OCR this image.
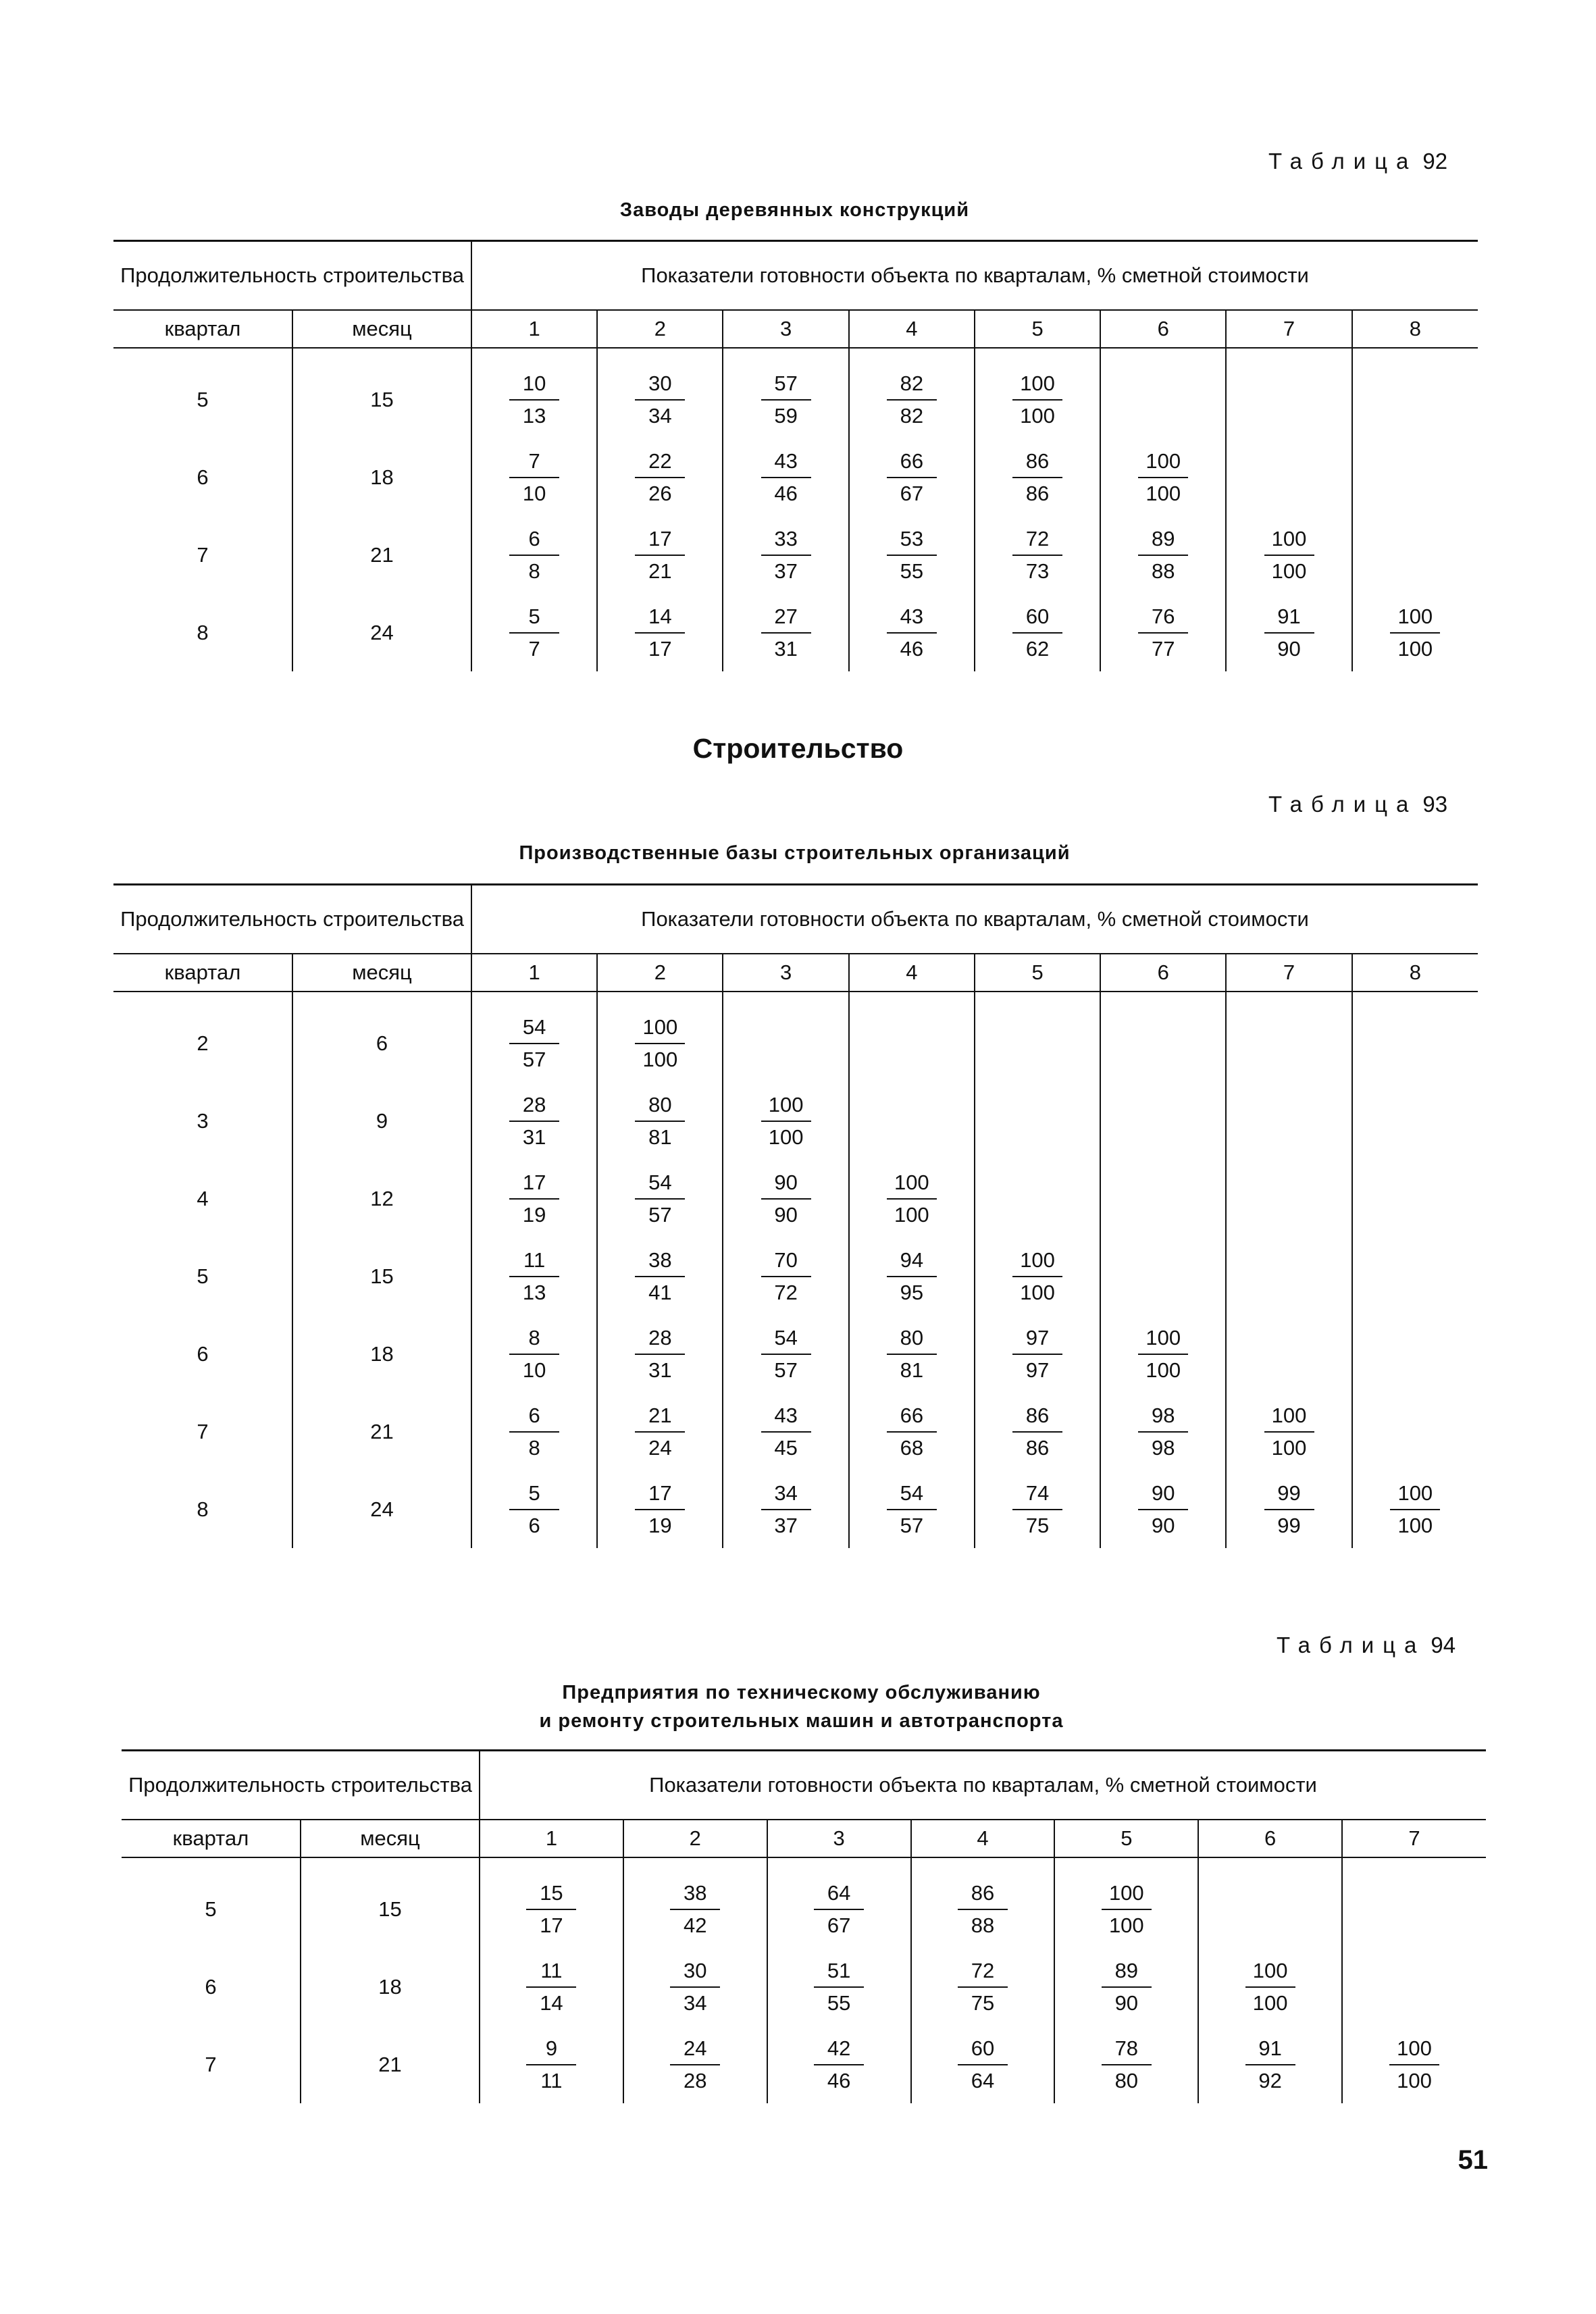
Таблица 92
Заводы деревянных конструкций
Продолжительность строительства		Показатели готовности объекта по кварталам, % сметной стоимости							
квартал	месяц	1	2	3	4	5	6	7	8

5	15	$\frac{10}{13}$	$\frac{30}{34}$	$\frac{57}{59}$	$\frac{82}{82}$	$\frac{100}{100}$

6	18	$\frac{7}{10}$	$\frac{22}{26}$	$\frac{43}{46}$	$\frac{66}{67}$	$\frac{86}{86}$	$\frac{100}{100}$

7	21	$\frac{6}{8}$	$\frac{17}{21}$	$\frac{33}{37}$	$\frac{53}{55}$	$\frac{72}{73}$	$\frac{89}{88}$	$\frac{100}{100}$

8	24	$\frac{5}{7}$	$\frac{14}{17}$	$\frac{27}{31}$	$\frac{43}{46}$	$\frac{60}{62}$	$\frac{76}{77}$	$\frac{91}{90}$	$\frac{100}{100}$
Строительство
Таблица 93
Производственные базы строительных организаций
Продолжительность строительства		Показатели готовности объекта по кварталам, % сметной стоимости							
квартал	месяц	1	2	3	4	5	6	7	8

2	6	$\frac{54}{57}$	$\frac{100}{100}$

3	9	$\frac{28}{31}$	$\frac{80}{81}$	$\frac{100}{100}$

4	12	$\frac{17}{19}$	$\frac{54}{57}$	$\frac{90}{90}$	$\frac{100}{100}$

5	15	$\frac{11}{13}$	$\frac{38}{41}$	$\frac{70}{72}$	$\frac{94}{95}$	$\frac{100}{100}$

6	18	$\frac{8}{10}$	$\frac{28}{31}$	$\frac{54}{57}$	$\frac{80}{81}$	$\frac{97}{97}$	$\frac{100}{100}$

7	21	$\frac{6}{8}$	$\frac{21}{24}$	$\frac{43}{45}$	$\frac{66}{68}$	$\frac{86}{86}$	$\frac{98}{98}$	$\frac{100}{100}$

8	24	$\frac{5}{6}$	$\frac{17}{19}$	$\frac{34}{37}$	$\frac{54}{57}$	$\frac{74}{75}$	$\frac{90}{90}$	$\frac{99}{99}$	$\frac{100}{100}$
Таблица 94
Предприятия по техническому обслуживанию
и ремонту строительных машин и автотранспорта
Продолжительность строительства		Показатели готовности объекта по кварталам, % сметной стоимости						
квартал	месяц	1	2	3	4	5	6	7

5	15	$\frac{15}{17}$	$\frac{38}{42}$	$\frac{64}{67}$	$\frac{86}{88}$	$\frac{100}{100}$

6	18	$\frac{11}{14}$	$\frac{30}{34}$	$\frac{51}{55}$	$\frac{72}{75}$	$\frac{89}{90}$	$\frac{100}{100}$

7	21	$\frac{9}{11}$	$\frac{24}{28}$	$\frac{42}{46}$	$\frac{60}{64}$	$\frac{78}{80}$	$\frac{91}{92}$	$\frac{100}{100}$
51
